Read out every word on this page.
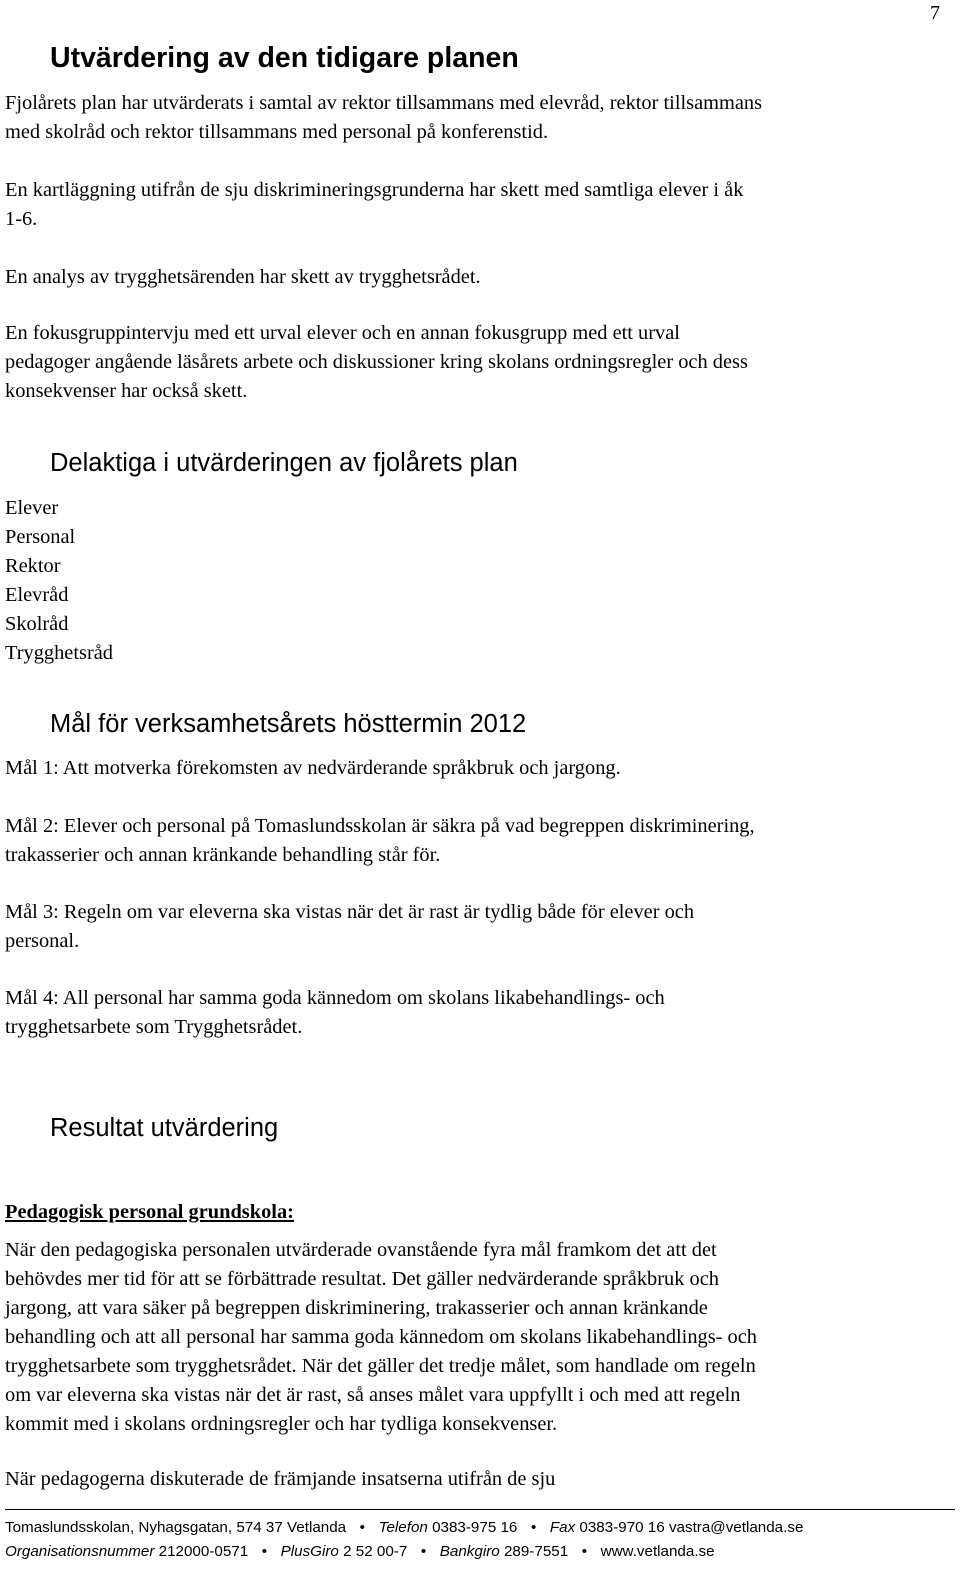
7
Utvärdering av den tidigare planen

Fjolårets plan har utvärderats i samtal av rektor tillsammans med elevråd, rektor tillsammans
med skolråd och rektor tillsammans med personal på konferenstid.

En kartläggning utifrån de sju diskrimineringsgrunderna har skett med samtliga elever i åk
1-6.

En analys av trygghetsärenden har skett av trygghetsrådet.

En fokusgruppintervju med ett urval elever och en annan fokusgrupp med ett urval
pedagoger angående läsårets arbete och diskussioner kring skolans ordningsregler och dess
konsekvenser har också skett.

Delaktiga i utvärderingen av fjolårets plan
Elever
Personal
Rektor
Elevråd
Skolråd
Trygghetsråd
Mål för verksamhetsårets hösttermin 2012

Mål 1: Att motverka förekomsten av nedvärderande språkbruk och jargong.

Mål 2: Elever och personal på Tomaslundsskolan är säkra på vad begreppen diskriminering,
trakasserier och annan kränkande behandling står för.

Mål 3: Regeln om var eleverna ska vistas när det är rast är tydlig både för elever och
personal.

Mål 4: All personal har samma goda kännedom om skolans likabehandlings- och
trygghetsarbete som Trygghetsrådet.

Resultat utvärdering
Pedagogisk personal grundskola:

När den pedagogiska personalen utvärderade ovanstående fyra mål framkom det att det
behövdes mer tid för att se förbättrade resultat. Det gäller nedvärderande språkbruk och
jargong, att vara säker på begreppen diskriminering, trakasserier och annan kränkande
behandling och att all personal har samma goda kännedom om skolans likabehandlings- och
trygghetsarbete som trygghetsrådet. När det gäller det tredje målet, som handlade om regeln
om var eleverna ska vistas när det är rast, så anses målet vara uppfyllt i och med att regeln
kommit med i skolans ordningsregler och har tydliga konsekvenser.

När pedagogerna diskuterade de främjande insatserna utifrån de sju

Tomaslundsskolan, Nyhagsgatan, 574 37 Vetlanda • Telefon 0383-975 16 • Fax 0383-970 16 vastra@vetlanda.se
Organisationsnummer 212000-0571 • PlusGiro 2 52 00-7 • Bankgiro 289-7551 • www.vetlanda.se
